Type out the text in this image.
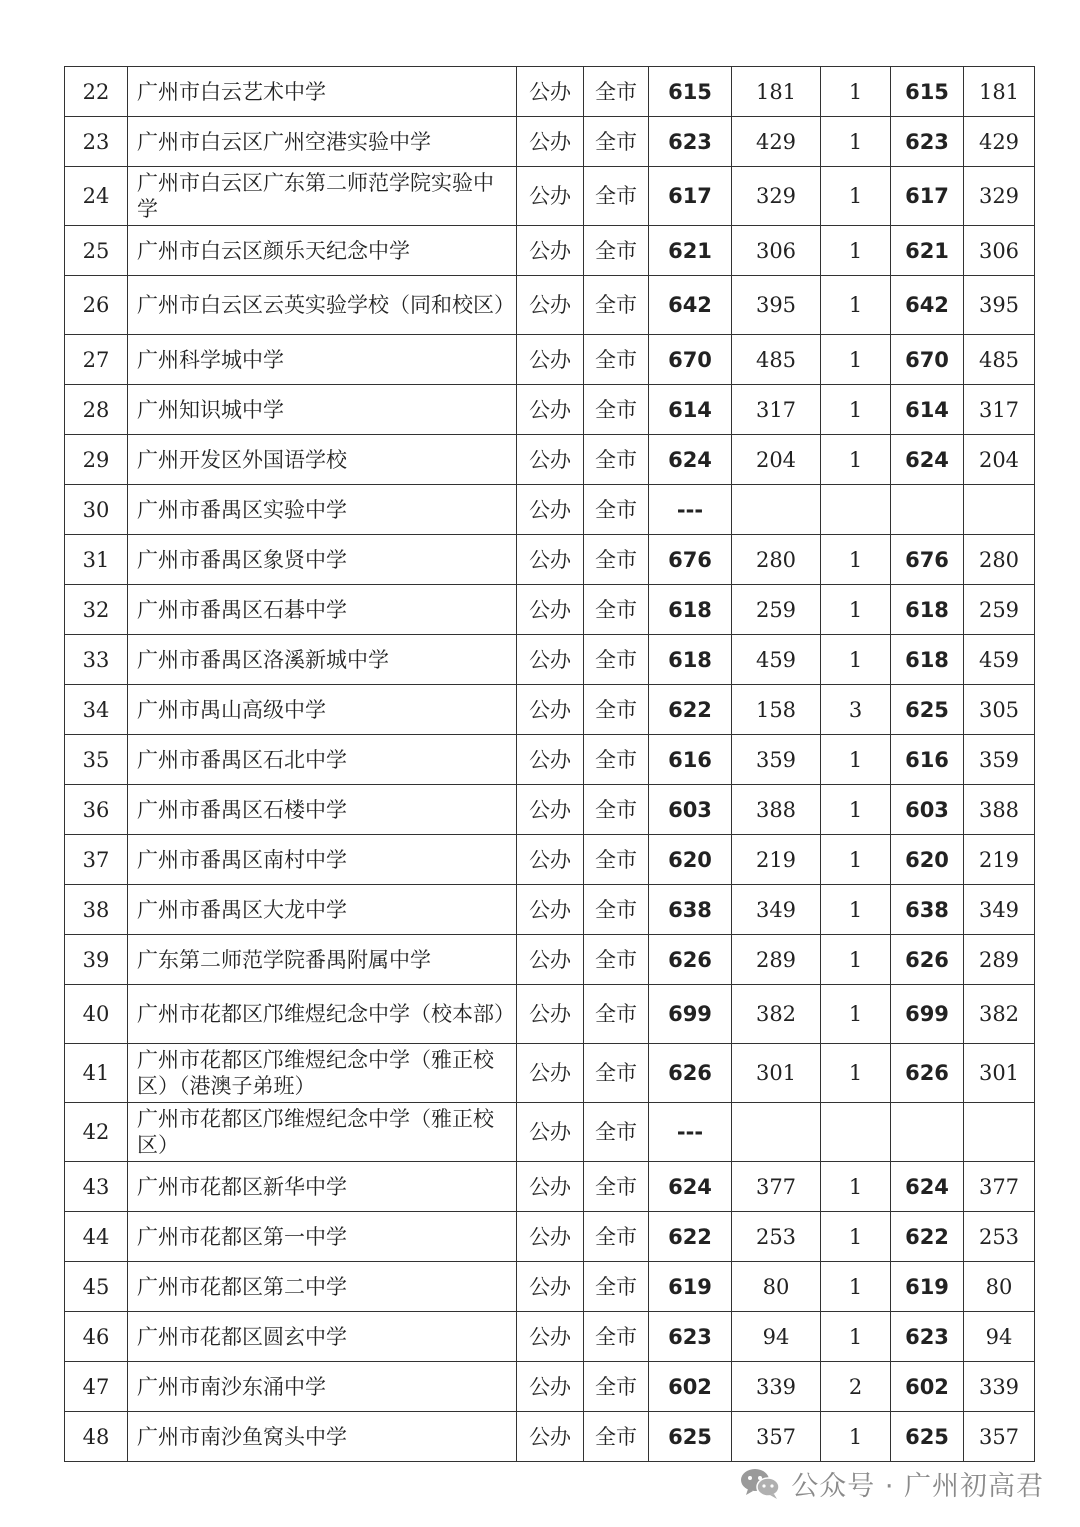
22	广州市白云艺术中学	公办	全市	615	181	1	615	181
23	广州市白云区广州空港实验中学	公办	全市	623	429	1	623	429
24	广州市白云区广东第二师范学院实验中学	公办	全市	617	329	1	617	329
25	广州市白云区颜乐天纪念中学	公办	全市	621	306	1	621	306
26	广州市白云区云英实验学校（同和校区）	公办	全市	642	395	1	642	395
27	广州科学城中学	公办	全市	670	485	1	670	485
28	广州知识城中学	公办	全市	614	317	1	614	317
29	广州开发区外国语学校	公办	全市	624	204	1	624	204
30	广州市番禺区实验中学	公办	全市	---				
31	广州市番禺区象贤中学	公办	全市	676	280	1	676	280
32	广州市番禺区石碁中学	公办	全市	618	259	1	618	259
33	广州市番禺区洛溪新城中学	公办	全市	618	459	1	618	459
34	广州市禺山高级中学	公办	全市	622	158	3	625	305
35	广州市番禺区石北中学	公办	全市	616	359	1	616	359
36	广州市番禺区石楼中学	公办	全市	603	388	1	603	388
37	广州市番禺区南村中学	公办	全市	620	219	1	620	219
38	广州市番禺区大龙中学	公办	全市	638	349	1	638	349
39	广东第二师范学院番禺附属中学	公办	全市	626	289	1	626	289
40	广州市花都区邝维煜纪念中学（校本部）	公办	全市	699	382	1	699	382
41	广州市花都区邝维煜纪念中学（雅正校区）（港澳子弟班）	公办	全市	626	301	1	626	301
42	广州市花都区邝维煜纪念中学（雅正校区）	公办	全市	---				
43	广州市花都区新华中学	公办	全市	624	377	1	624	377
44	广州市花都区第一中学	公办	全市	622	253	1	622	253
45	广州市花都区第二中学	公办	全市	619	80	1	619	80
46	广州市花都区圆玄中学	公办	全市	623	94	1	623	94
47	广州市南沙东涌中学	公办	全市	602	339	2	602	339
48	广州市南沙鱼窝头中学	公办	全市	625	357	1	625	357
公众号 · 广州初高君
